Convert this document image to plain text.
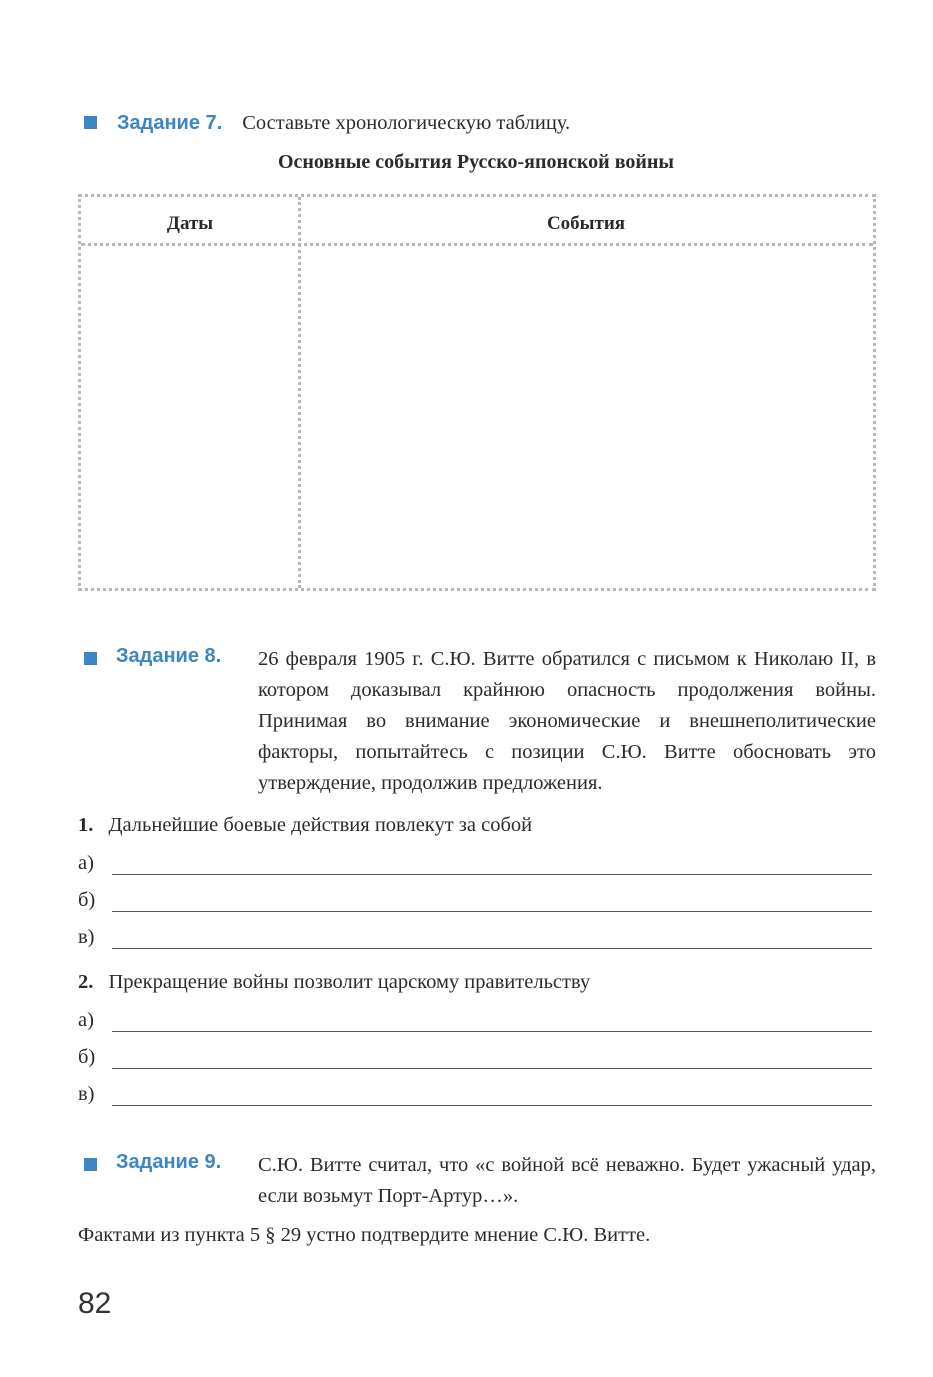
Задание 7. Составьте хронологическую таблицу.
Основные события Русско-японской войны
Даты	События
Задание 8. 26 февраля 1905 г. С.Ю. Витте обратился с письмом к Николаю II, в котором доказывал крайнюю опасность продолжения войны. Принимая во внимание экономические и внешнеполитические факторы, попытайтесь с позиции С.Ю. Витте обосновать это утверждение, продолжив предложения.
1. Дальнейшие боевые действия повлекут за собой
а)
б)
в)
2. Прекращение войны позволит царскому правительству
а)
б)
в)
Задание 9. С.Ю. Витте считал, что «с войной всё неважно. Будет ужасный удар, если возьмут Порт-Артур…».
Фактами из пункта 5 § 29 устно подтвердите мнение С.Ю. Витте.
82
